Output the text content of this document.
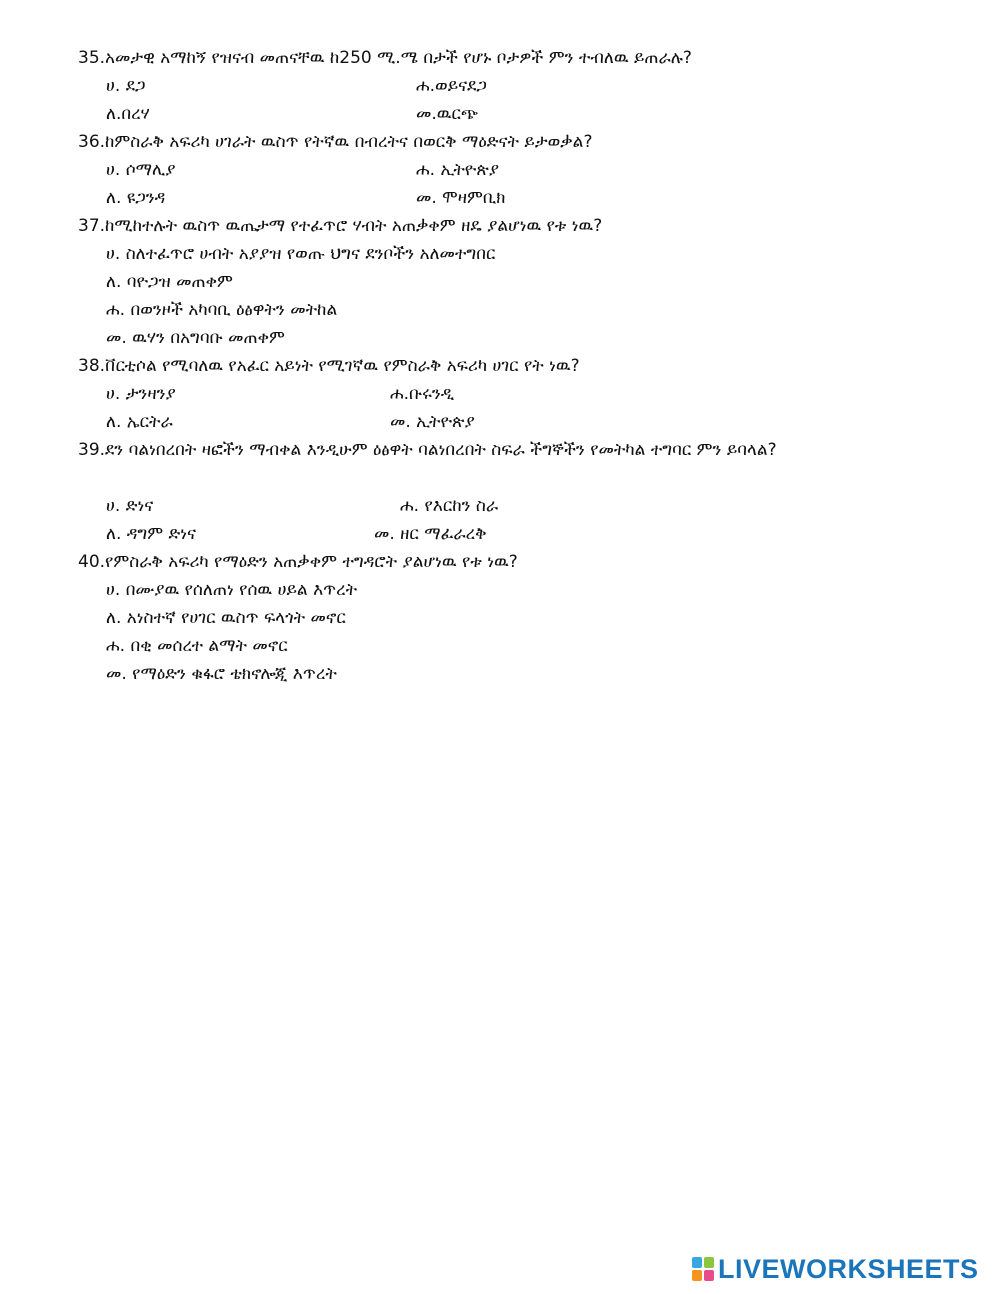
35.አመታዊ አማከኝ የዝናብ መጠናቸዉ ከ250 ሚ.ሜ በታች የሆኑ ቦታዎች ምን ተብለዉ ይጠራሉ?
ሀ. ደጋ	ሐ.ወይናደጋ
ለ.በረሃ	መ.ዉርጭ
36.ከምስራቅ አፍሪካ ሀገራት ዉስጥ የትኛዉ በብረትና በወርቅ ማዕድናት ይታወቃል?
ሀ. ሶማሊያ	ሐ. ኢትዮጵያ
ለ. ዩጋንዳ	መ. ሞዛምቢክ
37.ከሚከተሉት ዉስጥ ዉጤታማ የተፈጥሮ ሃብት አጠቃቀም ዘዴ ያልሆነዉ የቱ ነዉ?
ሀ. ስለተፈጥሮ ሀብት አያያዝ የወጡ ህግና ደንቦችን አለመተግበር
ለ. ባዮጋዝ መጠቀም
ሐ. በወንዞች አካባቢ ዕፅዋትን መትከል
መ. ዉሃን በአግባቡ መጠቀም
38.ቨርቲሶል የሚባለዉ የአፈር አይነት የሚገኛዉ የምስራቅ አፍሪካ ሀገር የት ነዉ?
ሀ. ታንዛንያ	ሐ.ቡሩንዲ
ለ. ኤርትራ	መ. ኢትዮጵያ
39.ደን ባልነበረበት ዛፎችን ማብቀል እንዲሁም ዕፅዋት ባልነበረበት ስፍራ ችግኞችን የመትካል ተግባር ምን ይባላል?
ሀ. ድነና	ሐ. የእርከን ስራ
ለ. ዳግም ድነና	መ. ዘር ማፈራረቅ
40.የምስራቅ አፍሪካ የማዕድን አጠቃቀም ተግዳሮት ያልሆነዉ የቱ ነዉ?
ሀ. በሙያዉ የሰለጠነ የሰዉ ሀይል እጥረት
ለ. አነስተኛ የሀገር ዉስጥ ፍላጎት መኖር
ሐ. በቂ መሰረተ ልማት መኖር
መ. የማዕድን ቁፋሮ ቴክኖሎጂ እጥረት
LIVEWORKSHEETS
